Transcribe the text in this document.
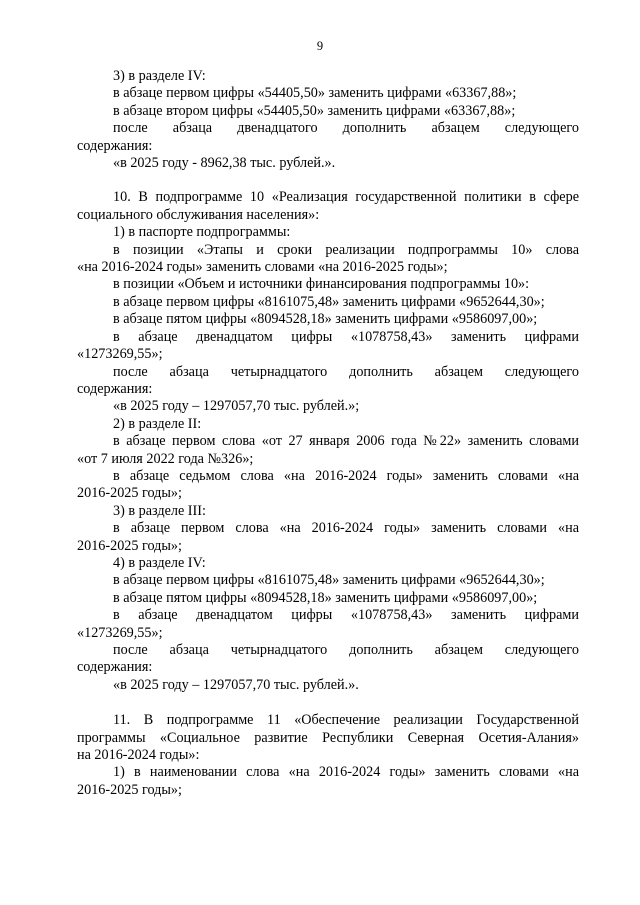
9
3) в разделе IV:
в абзаце первом цифры «54405,50» заменить цифрами «63367,88»;
в абзаце втором цифры «54405,50» заменить цифрами «63367,88»;
после абзаца двенадцатого дополнить абзацем следующего
содержания:
«в 2025 году - 8962,38 тыс. рублей.».
10. В подпрограмме 10 «Реализация государственной политики в сфере
социального обслуживания населения»:
1) в паспорте подпрограммы:
в позиции «Этапы и сроки реализации подпрограммы 10» слова
«на 2016-2024 годы» заменить словами «на 2016-2025 годы»;
в позиции «Объем и источники финансирования подпрограммы 10»:
в абзаце первом цифры «8161075,48» заменить цифрами «9652644,30»;
в абзаце пятом цифры «8094528,18» заменить цифрами «9586097,00»;
в абзаце двенадцатом цифры «1078758,43» заменить цифрами
«1273269,55»;
после абзаца четырнадцатого дополнить абзацем следующего
содержания:
«в 2025 году – 1297057,70 тыс. рублей.»;
2) в разделе II:
в абзаце первом слова «от 27 января 2006 года №22» заменить словами
«от 7 июля 2022 года №326»;
в абзаце седьмом слова «на 2016-2024 годы» заменить словами «на
2016-2025 годы»;
3) в разделе III:
в абзаце первом слова «на 2016-2024 годы» заменить словами «на
2016-2025 годы»;
4) в разделе IV:
в абзаце первом цифры «8161075,48» заменить цифрами «9652644,30»;
в абзаце пятом цифры «8094528,18» заменить цифрами «9586097,00»;
в абзаце двенадцатом цифры «1078758,43» заменить цифрами
«1273269,55»;
после абзаца четырнадцатого дополнить абзацем следующего
содержания:
«в 2025 году – 1297057,70 тыс. рублей.».
11. В подпрограмме 11 «Обеспечение реализации Государственной
программы «Социальное развитие Республики Северная Осетия-Алания»
на 2016-2024 годы»:
1) в наименовании слова «на 2016-2024 годы» заменить словами «на
2016-2025 годы»;
